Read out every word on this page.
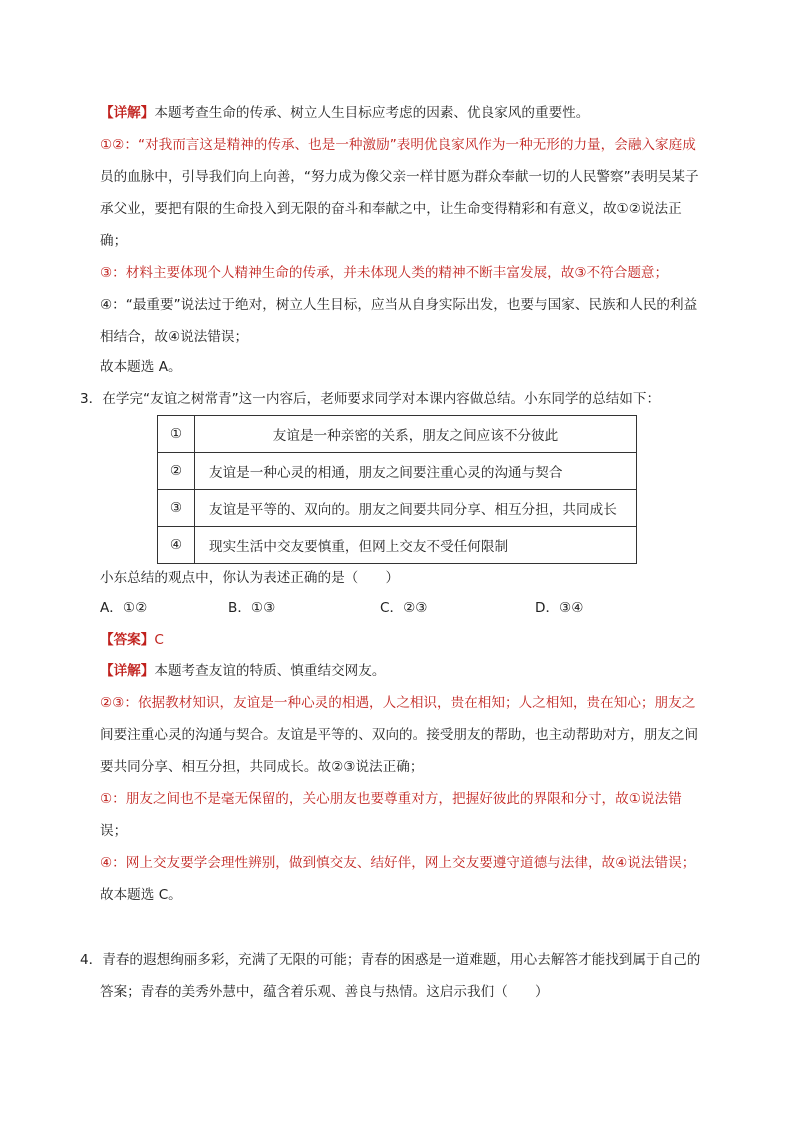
【详解】本题考查生命的传承、树立人生目标应考虑的因素、优良家风的重要性。
①②：“对我而言这是精神的传承、也是一种激励”表明优良家风作为一种无形的力量，会融入家庭成
员的血脉中，引导我们向上向善，“努力成为像父亲一样甘愿为群众奉献一切的人民警察”表明吴某子
承父业，要把有限的生命投入到无限的奋斗和奉献之中，让生命变得精彩和有意义，故①②说法正
确；
③：材料主要体现个人精神生命的传承，并未体现人类的精神不断丰富发展，故③不符合题意；
④：“最重要”说法过于绝对，树立人生目标，应当从自身实际出发，也要与国家、民族和人民的利益
相结合，故④说法错误；
故本题选 A。
3．在学完“友谊之树常青”这一内容后，老师要求同学对本课内容做总结。小东同学的总结如下：
①	友谊是一种亲密的关系，朋友之间应该不分彼此
②	友谊是一种心灵的相通，朋友之间要注重心灵的沟通与契合
③	友谊是平等的、双向的。朋友之间要共同分享、相互分担，共同成长
④	现实生活中交友要慎重，但网上交友不受任何限制
小东总结的观点中，你认为表述正确的是（　　）
A．①②	B．①③	C．②③	D．③④
【答案】C
【详解】本题考查友谊的特质、慎重结交网友。
②③：依据教材知识，友谊是一种心灵的相遇，人之相识，贵在相知；人之相知，贵在知心；朋友之
间要注重心灵的沟通与契合。友谊是平等的、双向的。接受朋友的帮助，也主动帮助对方，朋友之间
要共同分享、相互分担，共同成长。故②③说法正确；
①：朋友之间也不是毫无保留的，关心朋友也要尊重对方，把握好彼此的界限和分寸，故①说法错
误；
④：网上交友要学会理性辨别，做到慎交友、结好伴，网上交友要遵守道德与法律，故④说法错误；
故本题选 C。
4．青春的遐想绚丽多彩，充满了无限的可能；青春的困惑是一道难题，用心去解答才能找到属于自己的
答案；青春的美秀外慧中，蕴含着乐观、善良与热情。这启示我们（　　）
